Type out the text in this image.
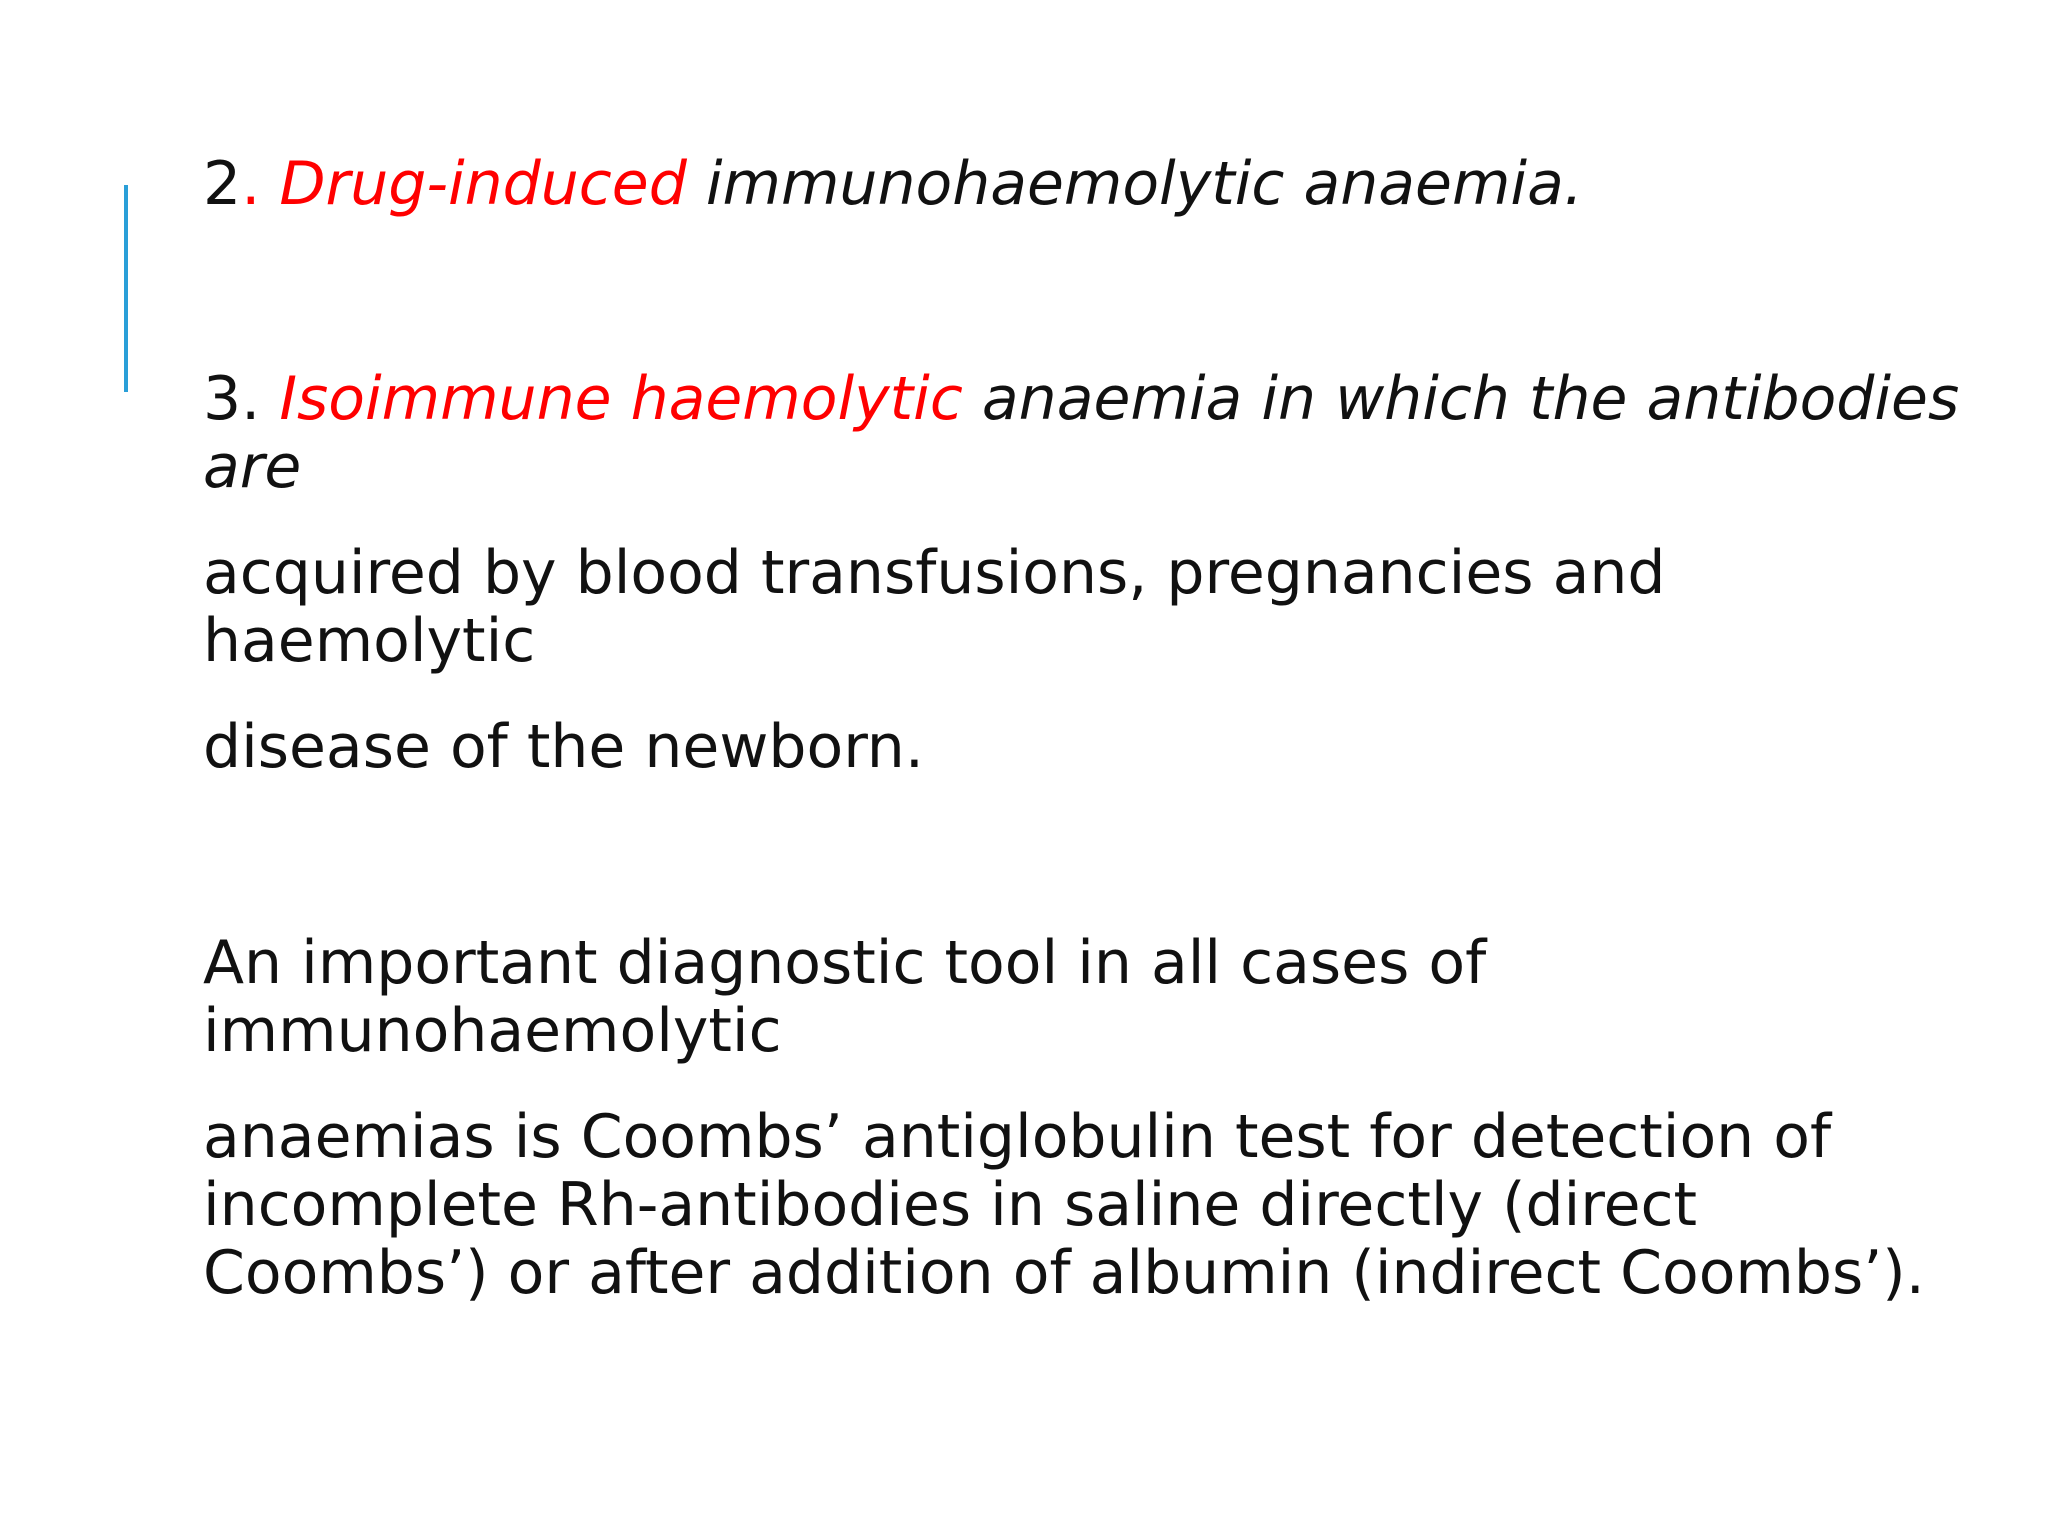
2. Drug-induced immunohaemolytic anaemia.

3. Isoimmune haemolytic anaemia in which the antibodies are

acquired by blood transfusions, pregnancies and haemolytic

disease of the newborn.

An important diagnostic tool in all cases of immunohaemolytic

anaemias is Coombs’ antiglobulin test for detection of incomplete Rh-antibodies in saline directly (direct Coombs’) or after addition of albumin (indirect Coombs’).
